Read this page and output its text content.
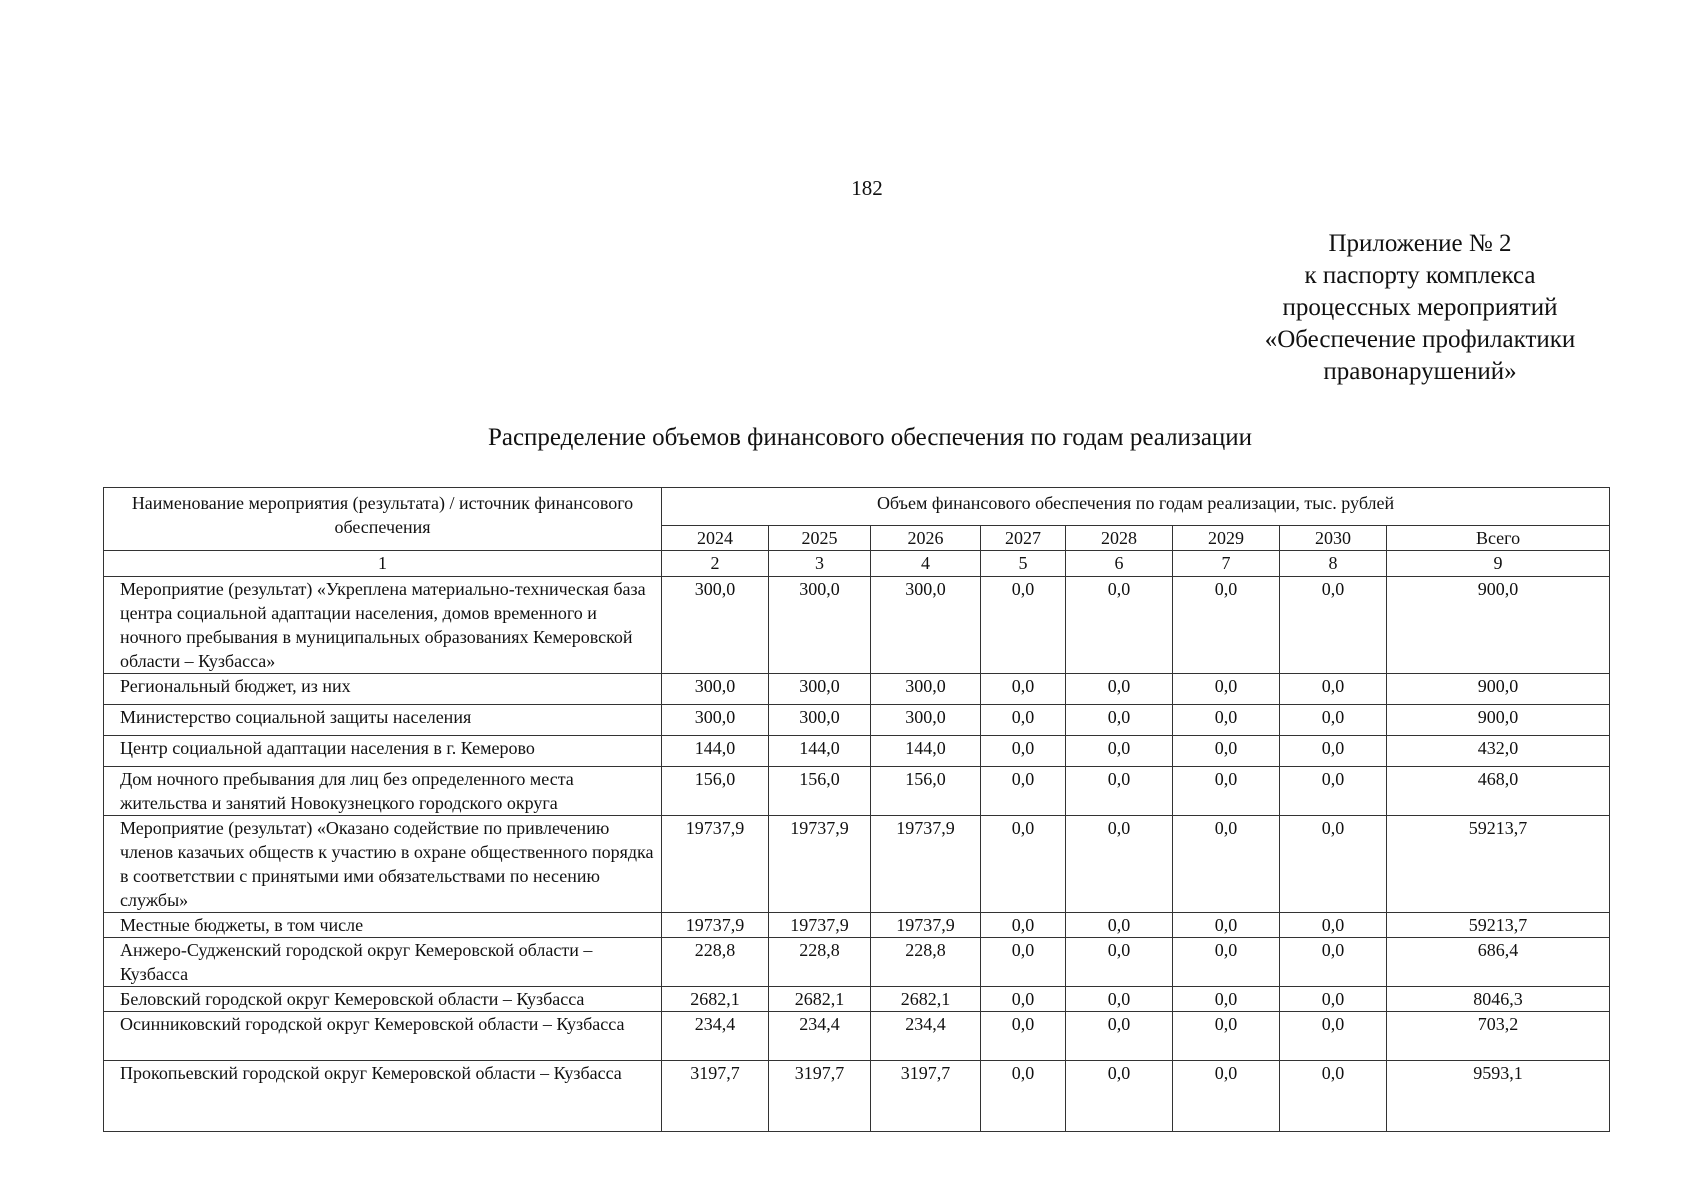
182
Приложение № 2
к паспорту комплекса
процессных мероприятий
«Обеспечение профилактики
правонарушений»
Распределение объемов финансового обеспечения по годам реализации
Наименование мероприятия (результата) / источник финансового обеспечения	Объем финансового обеспечения по годам реализации, тыс. рублей							
	2024	2025	2026	2027	2028	2029	2030	Всего
1	2	3	4	5	6	7	8	9
Мероприятие (результат) «Укреплена материально-техническая база центра социальной адаптации населения, домов временного и ночного пребывания в муниципальных образованиях Кемеровской области – Кузбасса»	300,0	300,0	300,0	0,0	0,0	0,0	0,0	900,0
Региональный бюджет, из них	300,0	300,0	300,0	0,0	0,0	0,0	0,0	900,0
Министерство социальной защиты населения	300,0	300,0	300,0	0,0	0,0	0,0	0,0	900,0
Центр социальной адаптации населения в г. Кемерово	144,0	144,0	144,0	0,0	0,0	0,0	0,0	432,0
Дом ночного пребывания для лиц без определенного места жительства и занятий Новокузнецкого городского округа	156,0	156,0	156,0	0,0	0,0	0,0	0,0	468,0
Мероприятие (результат) «Оказано содействие по привлечению членов казачьих обществ к участию в охране общественного порядка в соответствии с принятыми ими обязательствами по несению службы»	19737,9	19737,9	19737,9	0,0	0,0	0,0	0,0	59213,7
Местные бюджеты, в том числе	19737,9	19737,9	19737,9	0,0	0,0	0,0	0,0	59213,7
Анжеро-Судженский городской округ Кемеровской области – Кузбасса	228,8	228,8	228,8	0,0	0,0	0,0	0,0	686,4
Беловский городской округ Кемеровской области – Кузбасса	2682,1	2682,1	2682,1	0,0	0,0	0,0	0,0	8046,3
Осинниковский городской округ Кемеровской области – Кузбасса	234,4	234,4	234,4	0,0	0,0	0,0	0,0	703,2
Прокопьевский городской округ Кемеровской области – Кузбасса	3197,7	3197,7	3197,7	0,0	0,0	0,0	0,0	9593,1
